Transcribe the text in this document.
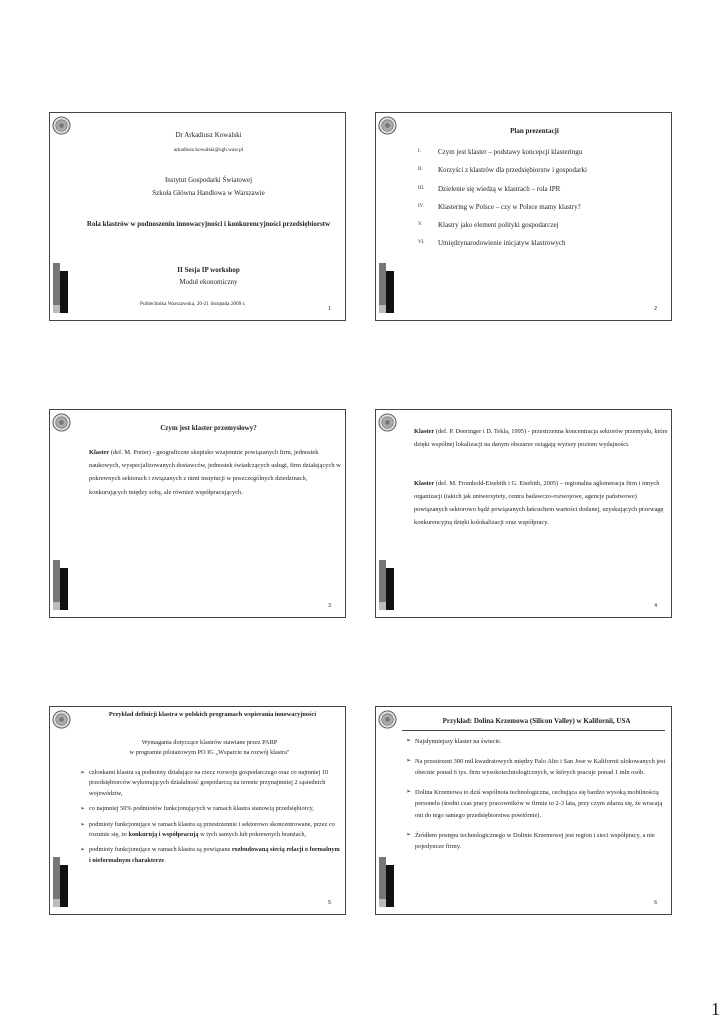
Dr Arkadiusz Kowalski
arkadiusz.kowalski@sgh.waw.pl
Instytut Gospodarki Światowej
Szkoła Główna Handlowa w Warszawie
Rola klastrów w podnoszeniu innowacyjności i konkurencyjności przedsiębiorstw
II Sesja IP workshop
Moduł ekonomiczny
Politechnika Warszawska, 20-21 listopada 2009 r.
1
Plan prezentacji
I. Czym jest klaster – podstawy koncepcji klasteringu
II. Korzyści z klastrów dla przedsiębiorstw i gospodarki
III. Dzielenie się wiedzą w klastrach – rola IPR
IV. Klastering w Polsce – czy w Polsce mamy klastry?
V. Klastry jako element polityki gospodarczej
VI. Umiędzynarodowienie inicjatyw klastrowych
2
Czym jest klaster przemysłowy?
Klaster (def. M. Porter) - geograficzne skupisko wzajemnie powiązanych firm, jednostek naukowych, wyspecjalizowanych dostawców, jednostek świadczących usługi, firm działających w pokrewnych sektorach i związanych z nimi instytucji w poszczególnych dziedzinach, konkurujących między sobą, ale również współpracujących.
3
Klaster (def. P. Doeringer i D. Tekla, 1995) - przestrzenna koncentracja sektorów przemysłu, które dzięki wspólnej lokalizacji na danym obszarze osiągają wyższy poziom wydajności.
Klaster (def. M. Fromhold-Eisebith i G. Eisebith, 2005) – regionalna aglomeracja firm i innych organizacji (takich jak uniwersytety, centra badawczo-rozwojowe, agencje państwowe) powiązanych sektorowo bądź powiązanych łańcuchem wartości dodanej, uzyskujących przewagę konkurencyjną dzięki kolokalizacji oraz współpracy.
4
Przykład definicji klastra w polskich programach wspierania innowacyjności
Wymagania dotyczące klastrów stawiane przez PARP
w programie pilotażowym PO IG „Wsparcie na rozwój klastra"
➢ członkami klastra są podmioty działające na rzecz rozwoju gospodarczego oraz co najmniej 10 przedsiębiorców wykonujących działalność gospodarczą na terenie przynajmniej 2 sąsiednich województw,
➢ co najmniej 50% podmiotów funkcjonujących w ramach klastra stanowią przedsiębiorcy,
➢ podmioty funkcjonujące w ramach klastra są przestrzennie i sektorowo skoncentrowane, przez co rozumie się, że konkurują i współpracują w tych samych lub pokrewnych branżach,
➢ podmioty funkcjonujące w ramach klastra są powiązane rozbudowaną siecią relacji o formalnym i nieformalnym charakterze.
5
Przykład: Dolina Krzemowa (Silicon Valley) w Kalifornii, USA
➢ Najsłynniejszy klaster na świecie.
➢ Na przestrzeni 300 mil kwadratowych między Palo Alto i San Jose w Kalifornii ulokowanych jest obecnie ponad 6 tys. firm wysokotechnologicznych, w których pracuje ponad 1 mln osób.
➢ Dolina Krzemowa to dziś wspólnota technologiczna, cechująca się bardzo wysoką mobilnością personelu (średni czas pracy pracowników w firmie to 2-3 lata, przy czym zdarza się, że wracają oni do tego samego przedsiębiorstwa powtórnie).
➢ Źródłem postępu technologicznego w Dolinie Krzemowej jest region i sieci współpracy, a nie pojedyncze firmy.
6
1
